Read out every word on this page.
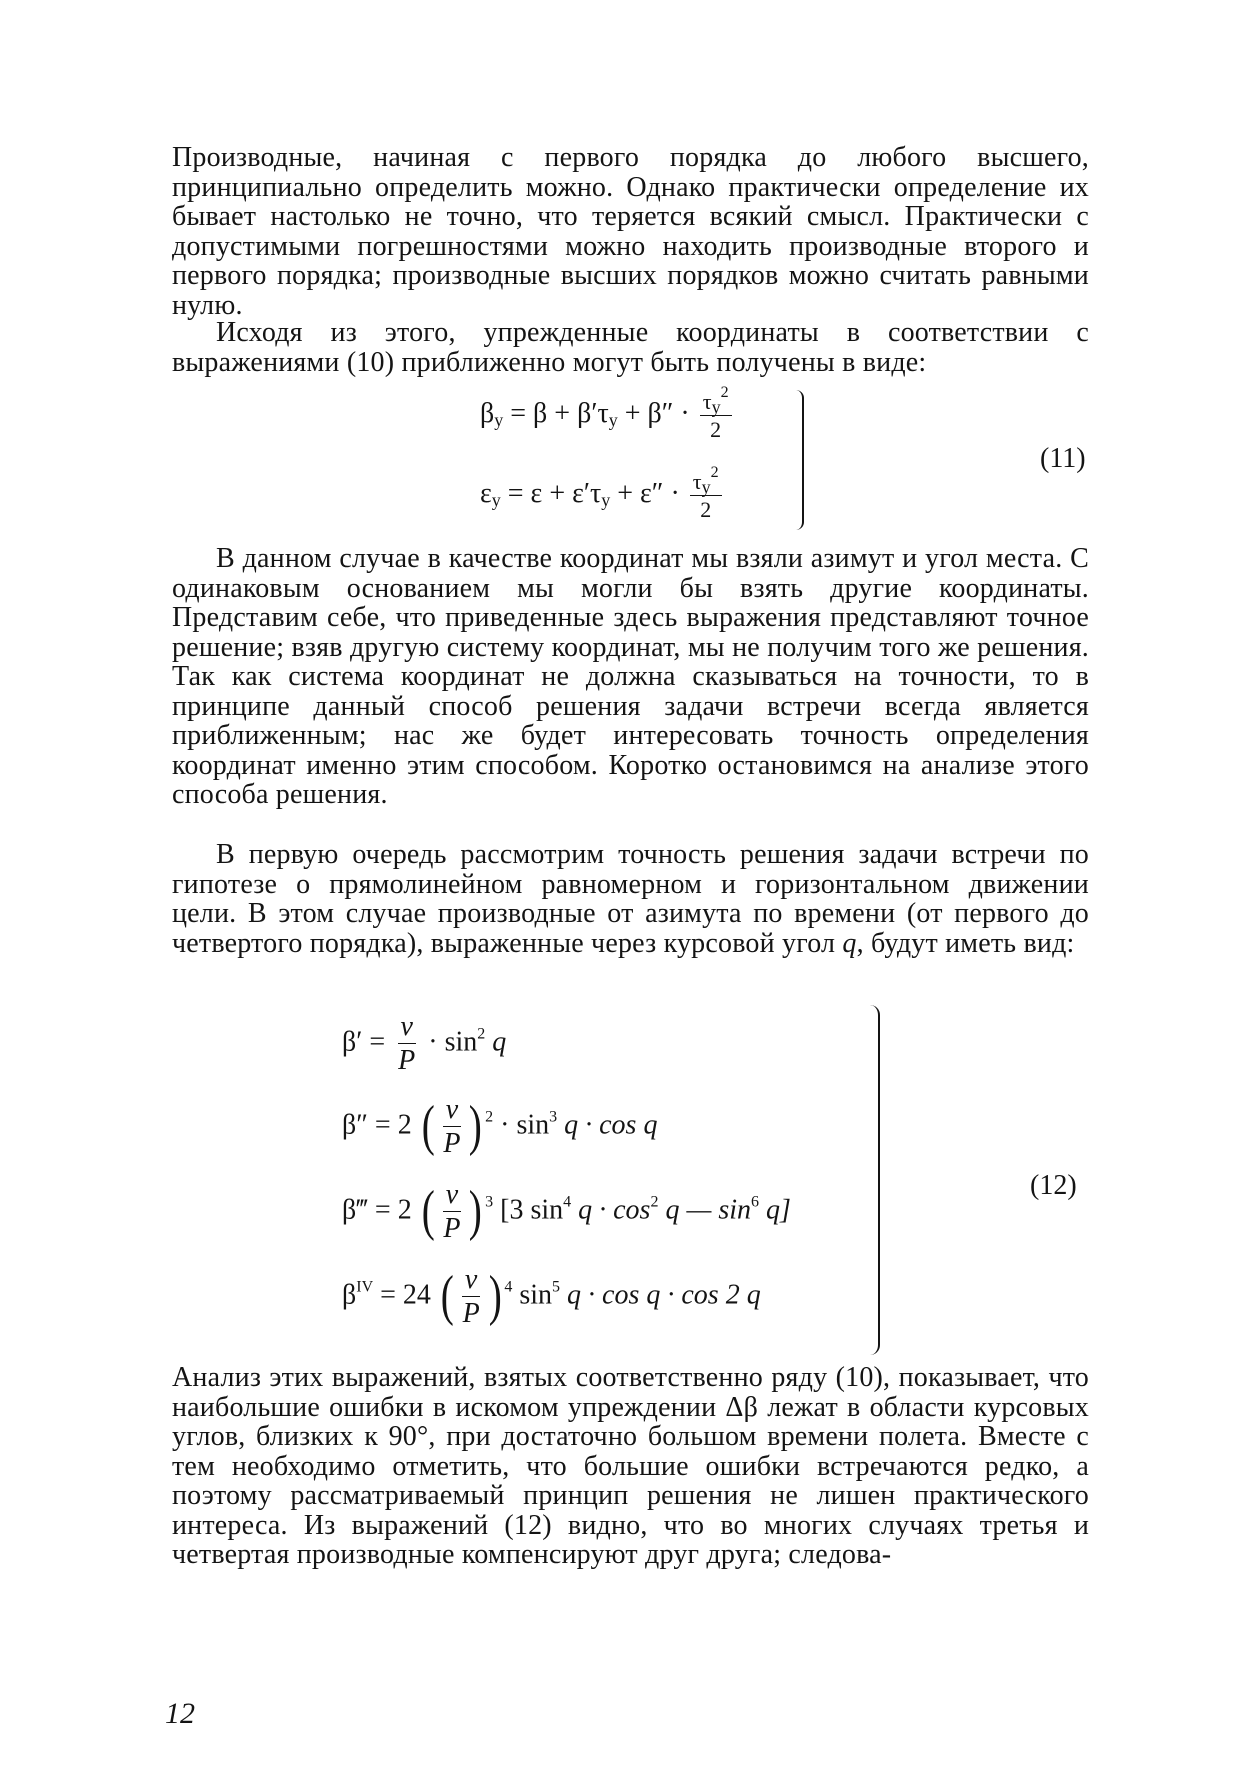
Производные, начиная с первого порядка до любого высшего, принципиально определить можно. Однако практически определение их бывает настолько не точно, что теряется всякий смысл. Практически с допустимыми погрешностями можно находить производные второго и первого порядка; производные высших порядков можно считать равными нулю.
Исходя из этого, упрежденные координаты в соответствии с выражениями (10) приближенно могут быть получены в виде:
$\beta_у = \beta + \beta'\tau_у + \beta'' \cdot \frac{\tau_у^2}{2}$
$\varepsilon_у = \varepsilon + \varepsilon'\tau_у + \varepsilon'' \cdot \frac{\tau_у^2}{2}$
(11)
В данном случае в качестве координат мы взяли азимут и угол места. С одинаковым основанием мы могли бы взять другие координаты. Представим себе, что приведенные здесь выражения представляют точное решение; взяв другую систему координат, мы не получим того же решения. Так как система координат не должна сказываться на точности, то в принципе данный способ решения задачи встречи всегда является приближенным; нас же будет интересовать точность определения координат именно этим способом. Коротко остановимся на анализе этого способа решения.
В первую очередь рассмотрим точность решения задачи встречи по гипотезе о прямолинейном равномерном и горизонтальном движении цели. В этом случае производные от азимута по времени (от первого до четвертого порядка), выраженные через курсовой угол q, будут иметь вид:
$\beta' = \frac{v}{P} \cdot \sin^2 q$
β″ = 2 ( $\frac{v}{P}$ ) $^2 \cdot \sin^3 q \cdot \cos q$
β‴ = 2 ( $\frac{v}{P}$ ) $^3$ [3 $\sin^4 q \cdot \cos^2 q$ — $\sin^6 q$]
$\beta^{IV} = 24$ ( $\frac{v}{P}$ ) $^4$ $\sin^5 q \cdot \cos q \cdot \cos 2$ q
(12)
Анализ этих выражений, взятых соответственно ряду (10), показывает, что наибольшие ошибки в искомом упреждении Δβ лежат в области курсовых углов, близких к 90°, при достаточно большом времени полета. Вместе с тем необходимо отметить, что большие ошибки встречаются редко, а поэтому рассматриваемый принцип решения не лишен практического интереса. Из выражений (12) видно, что во многих случаях третья и четвертая производные компенсируют друг друга; следова-
12
